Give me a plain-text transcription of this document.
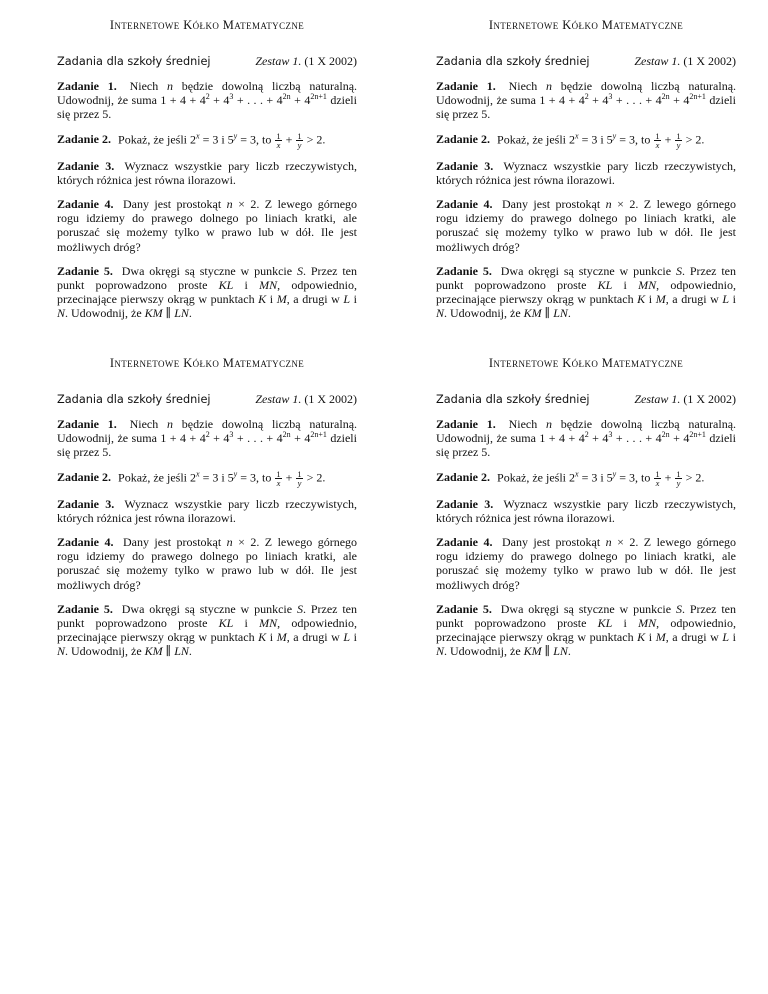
Internetowe Kółko Matematyczne
Zadania dla szkoły średniej	Zestaw 1. (1 X 2002)

Zadanie 1. Niech n będzie dowolną liczbą naturalną. Udowodnij, że suma $1 + 4 + 4^2 + 4^3$ + . . . + $4^{2n} + 4^{2n+1}$ dzieli się przez 5.

Zadanie 2. Pokaż, że jeśli $2^x = 3$ i $5^y = 3$, to $\frac{1}{x} + \frac{1}{y} > 2$.

Zadanie 3. Wyznacz wszystkie pary liczb rzeczywistych, których różnica jest równa ilorazowi.

Zadanie 4. Dany jest prostokąt n × 2. Z lewego górnego rogu idziemy do prawego dolnego po liniach kratki, ale poruszać się możemy tylko w prawo lub w dół. Ile jest możliwych dróg?

Zadanie 5. Dwa okręgi są styczne w punkcie S. Przez ten punkt poprowadzono proste KL i MN, odpowiednio, przecinające pierwszy okrąg w punktach K i M, a drugi w L i N. Udowodnij, że KM ∥ LN.

Internetowe Kółko Matematyczne
Zadania dla szkoły średniej	Zestaw 1. (1 X 2002)

Zadanie 1. Niech n będzie dowolną liczbą naturalną. Udowodnij, że suma $1 + 4 + 4^2 + 4^3$ + . . . + $4^{2n} + 4^{2n+1}$ dzieli się przez 5.

Zadanie 2. Pokaż, że jeśli $2^x = 3$ i $5^y = 3$, to $\frac{1}{x} + \frac{1}{y} > 2$.

Zadanie 3. Wyznacz wszystkie pary liczb rzeczywistych, których różnica jest równa ilorazowi.

Zadanie 4. Dany jest prostokąt n × 2. Z lewego górnego rogu idziemy do prawego dolnego po liniach kratki, ale poruszać się możemy tylko w prawo lub w dół. Ile jest możliwych dróg?

Zadanie 5. Dwa okręgi są styczne w punkcie S. Przez ten punkt poprowadzono proste KL i MN, odpowiednio, przecinające pierwszy okrąg w punktach K i M, a drugi w L i N. Udowodnij, że KM ∥ LN.

Internetowe Kółko Matematyczne
Zadania dla szkoły średniej	Zestaw 1. (1 X 2002)

Zadanie 1. Niech n będzie dowolną liczbą naturalną. Udowodnij, że suma $1 + 4 + 4^2 + 4^3$ + . . . + $4^{2n} + 4^{2n+1}$ dzieli się przez 5.

Zadanie 2. Pokaż, że jeśli $2^x = 3$ i $5^y = 3$, to $\frac{1}{x} + \frac{1}{y} > 2$.

Zadanie 3. Wyznacz wszystkie pary liczb rzeczywistych, których różnica jest równa ilorazowi.

Zadanie 4. Dany jest prostokąt n × 2. Z lewego górnego rogu idziemy do prawego dolnego po liniach kratki, ale poruszać się możemy tylko w prawo lub w dół. Ile jest możliwych dróg?

Zadanie 5. Dwa okręgi są styczne w punkcie S. Przez ten punkt poprowadzono proste KL i MN, odpowiednio, przecinające pierwszy okrąg w punktach K i M, a drugi w L i N. Udowodnij, że KM ∥ LN.

Internetowe Kółko Matematyczne
Zadania dla szkoły średniej	Zestaw 1. (1 X 2002)

Zadanie 1. Niech n będzie dowolną liczbą naturalną. Udowodnij, że suma $1 + 4 + 4^2 + 4^3$ + . . . + $4^{2n} + 4^{2n+1}$ dzieli się przez 5.

Zadanie 2. Pokaż, że jeśli $2^x = 3$ i $5^y = 3$, to $\frac{1}{x} + \frac{1}{y} > 2$.

Zadanie 3. Wyznacz wszystkie pary liczb rzeczywistych, których różnica jest równa ilorazowi.

Zadanie 4. Dany jest prostokąt n × 2. Z lewego górnego rogu idziemy do prawego dolnego po liniach kratki, ale poruszać się możemy tylko w prawo lub w dół. Ile jest możliwych dróg?

Zadanie 5. Dwa okręgi są styczne w punkcie S. Przez ten punkt poprowadzono proste KL i MN, odpowiednio, przecinające pierwszy okrąg w punktach K i M, a drugi w L i N. Udowodnij, że KM ∥ LN.
